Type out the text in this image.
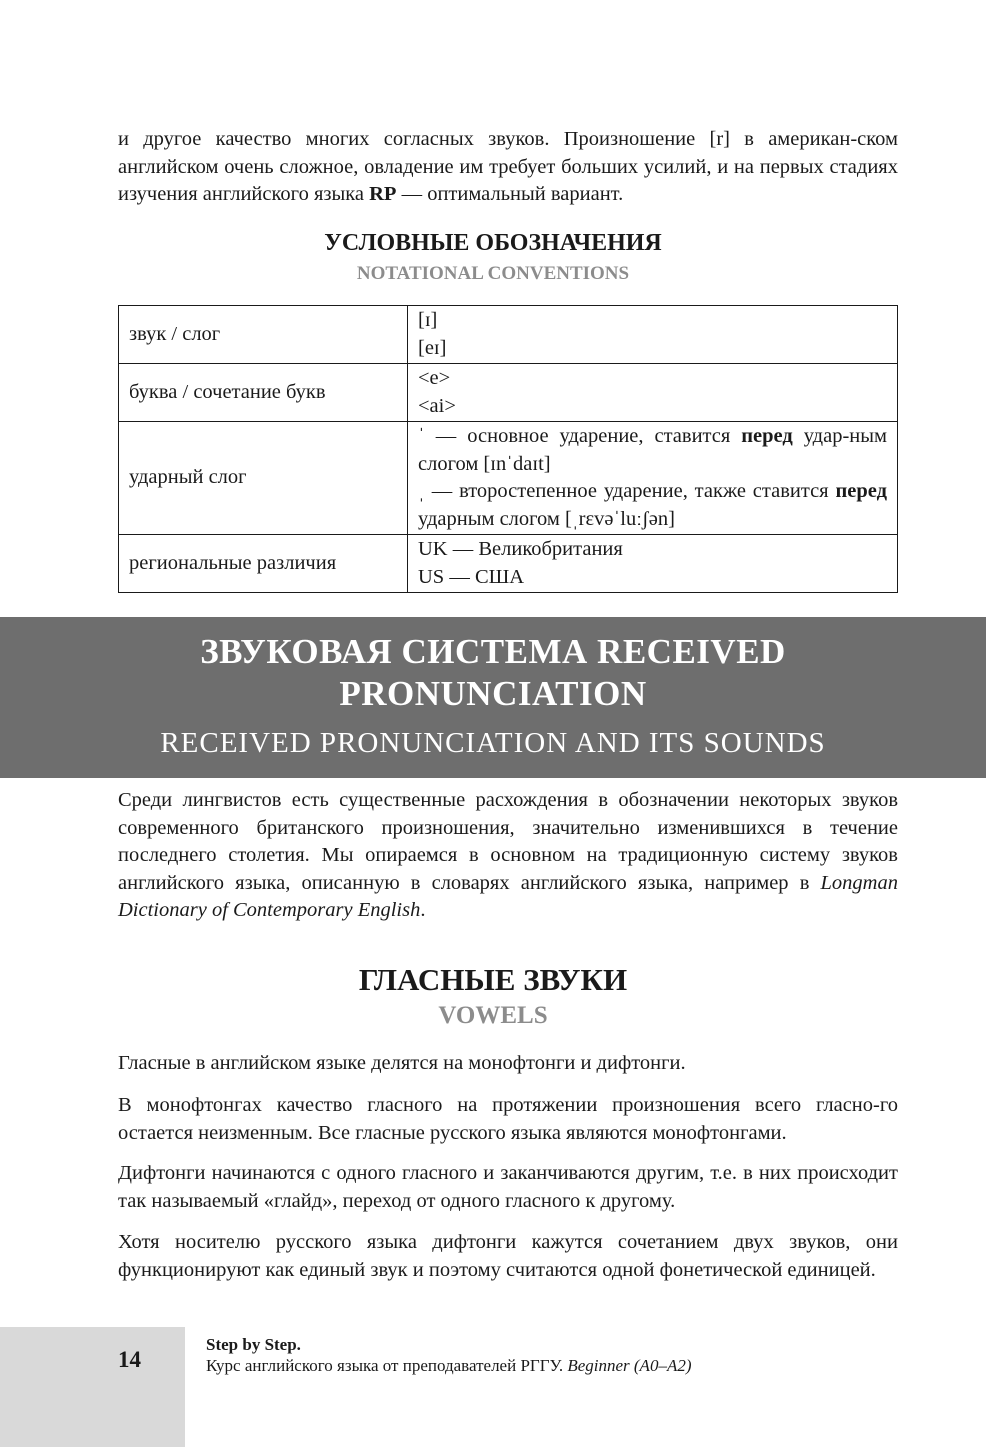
и другое качество многих согласных звуков. Произношение [r] в американ-ском английском очень сложное, овладение им требует больших усилий, и на первых стадиях изучения английского языка RP — оптимальный вариант.

УСЛОВНЫЕ ОБОЗНАЧЕНИЯ
NOTATIONAL CONVENTIONS
звук / слог	[ɪ]
[eɪ]

буква / сочетание букв	<e>
<ai>

ударный слог	ˈ — основное ударение, ставится перед удар-ным слогом [ɪnˈdaɪt]
ˌ — второстепенное ударение, также ставится перед ударным слогом [ˌrɛvəˈluːʃən]

региональные различия	UK — Великобритания
US — США
ЗВУКОВАЯ СИСТЕМА RECEIVED
PRONUNCIATION
RECEIVED PRONUNCIATION AND ITS SOUNDS

Среди лингвистов есть существенные расхождения в обозначении некоторых звуков современного британского произношения, значительно изменившихся в течение последнего столетия. Мы опираемся в основном на традиционную систему звуков английского языка, описанную в словарях английского языка, например в Longman Dictionary of Contemporary English.

ГЛАСНЫЕ ЗВУКИ
VOWELS

Гласные в английском языке делятся на монофтонги и дифтонги.

В монофтонгах качество гласного на протяжении произношения всего гласно-го остается неизменным. Все гласные русского языка являются монофтонгами.

Дифтонги начинаются с одного гласного и заканчиваются другим, т.е. в них происходит так называемый «глайд», переход от одного гласного к другому.

Хотя носителю русского языка дифтонги кажутся сочетанием двух звуков, они функционируют как единый звук и поэтому считаются одной фонетической единицей.

14
Step by Step.
Курс английского языка от преподавателей РГГУ. Beginner (A0–A2)
